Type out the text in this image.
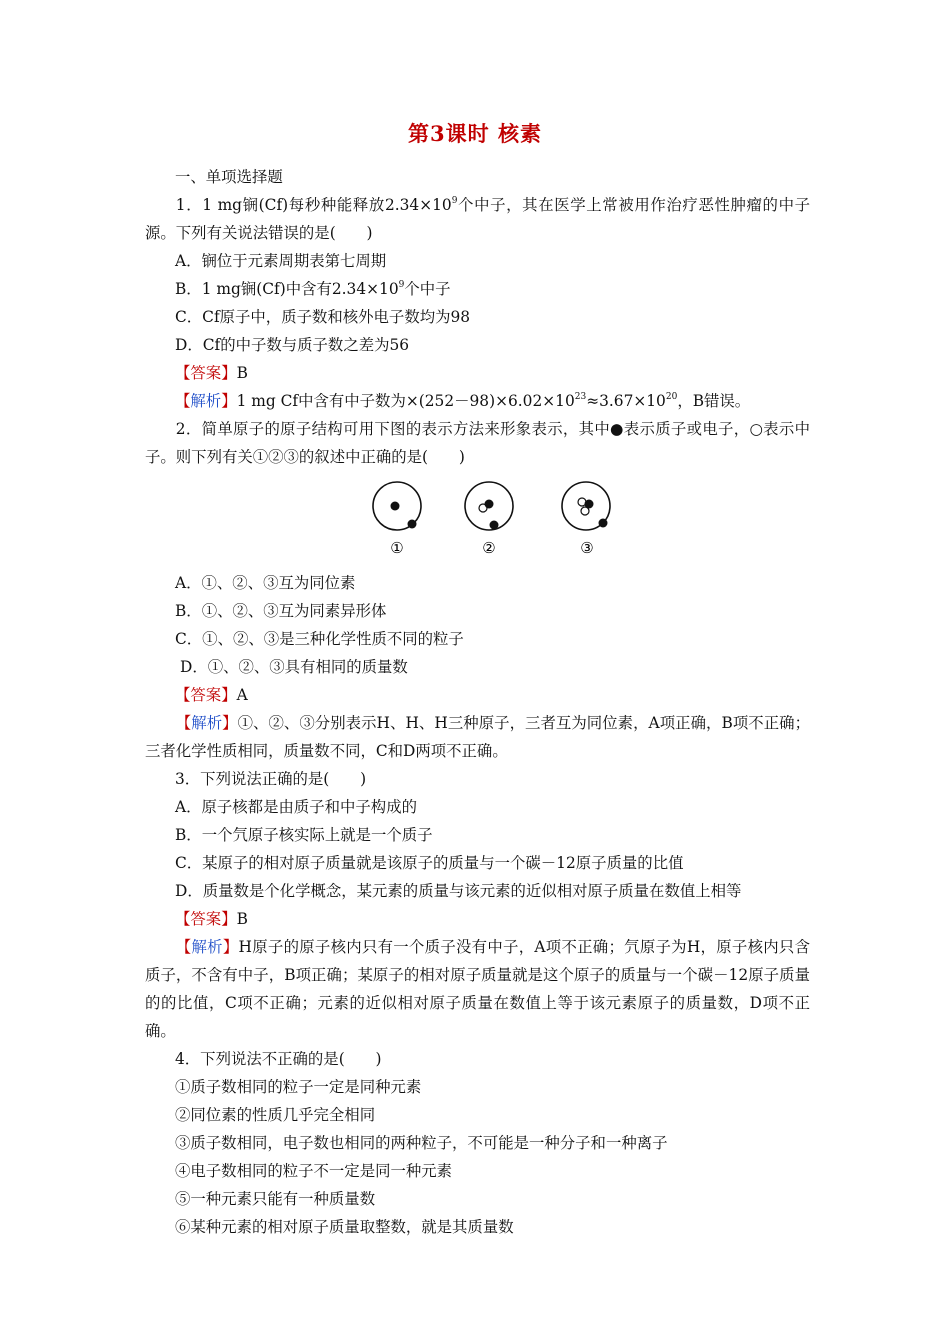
第3课时 核素
一、单项选择题
1．1 mg锎(Cf)每秒种能释放$2.34\times 10^9$个中子，其在医学上常被用作治疗恶性肿瘤的中子源。下列有关说法错误的是(　　)
A．锎位于元素周期表第七周期
B．1 mg锎(Cf)中含有$2.34\times 10^9$个中子
C．Cf原子中，质子数和核外电子数均为98
D．Cf的中子数与质子数之差为56
【答案】B
【解析】1 mg Cf中含有中子数为$\times(252-98)\times 6.02\times 10^{23}\approx 3.67\times 10^{20}$，B错误。
2．简单原子的原子结构可用下图的表示方法来形象表示，其中●表示质子或电子，○表示中子。则下列有关①②③的叙述中正确的是(　　)
①	②	③
A．①、②、③互为同位素
B．①、②、③互为同素异形体
C．①、②、③是三种化学性质不同的粒子
D．①、②、③具有相同的质量数
【答案】A
【解析】①、②、③分别表示H、H、H三种原子，三者互为同位素，A项正确，B项不正确；三者化学性质相同，质量数不同，C和D两项不正确。
3．下列说法正确的是(　　)
A．原子核都是由质子和中子构成的
B．一个氕原子核实际上就是一个质子
C．某原子的相对原子质量就是该原子的质量与一个碳－12原子质量的比值
D．质量数是个化学概念，某元素的质量与该元素的近似相对原子质量在数值上相等
【答案】B
【解析】H原子的原子核内只有一个质子没有中子，A项不正确；氕原子为H，原子核内只含质子，不含有中子，B项正确；某原子的相对原子质量就是这个原子的质量与一个碳－12原子质量的的比值，C项不正确；元素的近似相对原子质量在数值上等于该元素原子的质量数，D项不正确。
4．下列说法不正确的是(　　)
①质子数相同的粒子一定是同种元素
②同位素的性质几乎完全相同
③质子数相同，电子数也相同的两种粒子，不可能是一种分子和一种离子
④电子数相同的粒子不一定是同一种元素
⑤一种元素只能有一种质量数
⑥某种元素的相对原子质量取整数，就是其质量数
